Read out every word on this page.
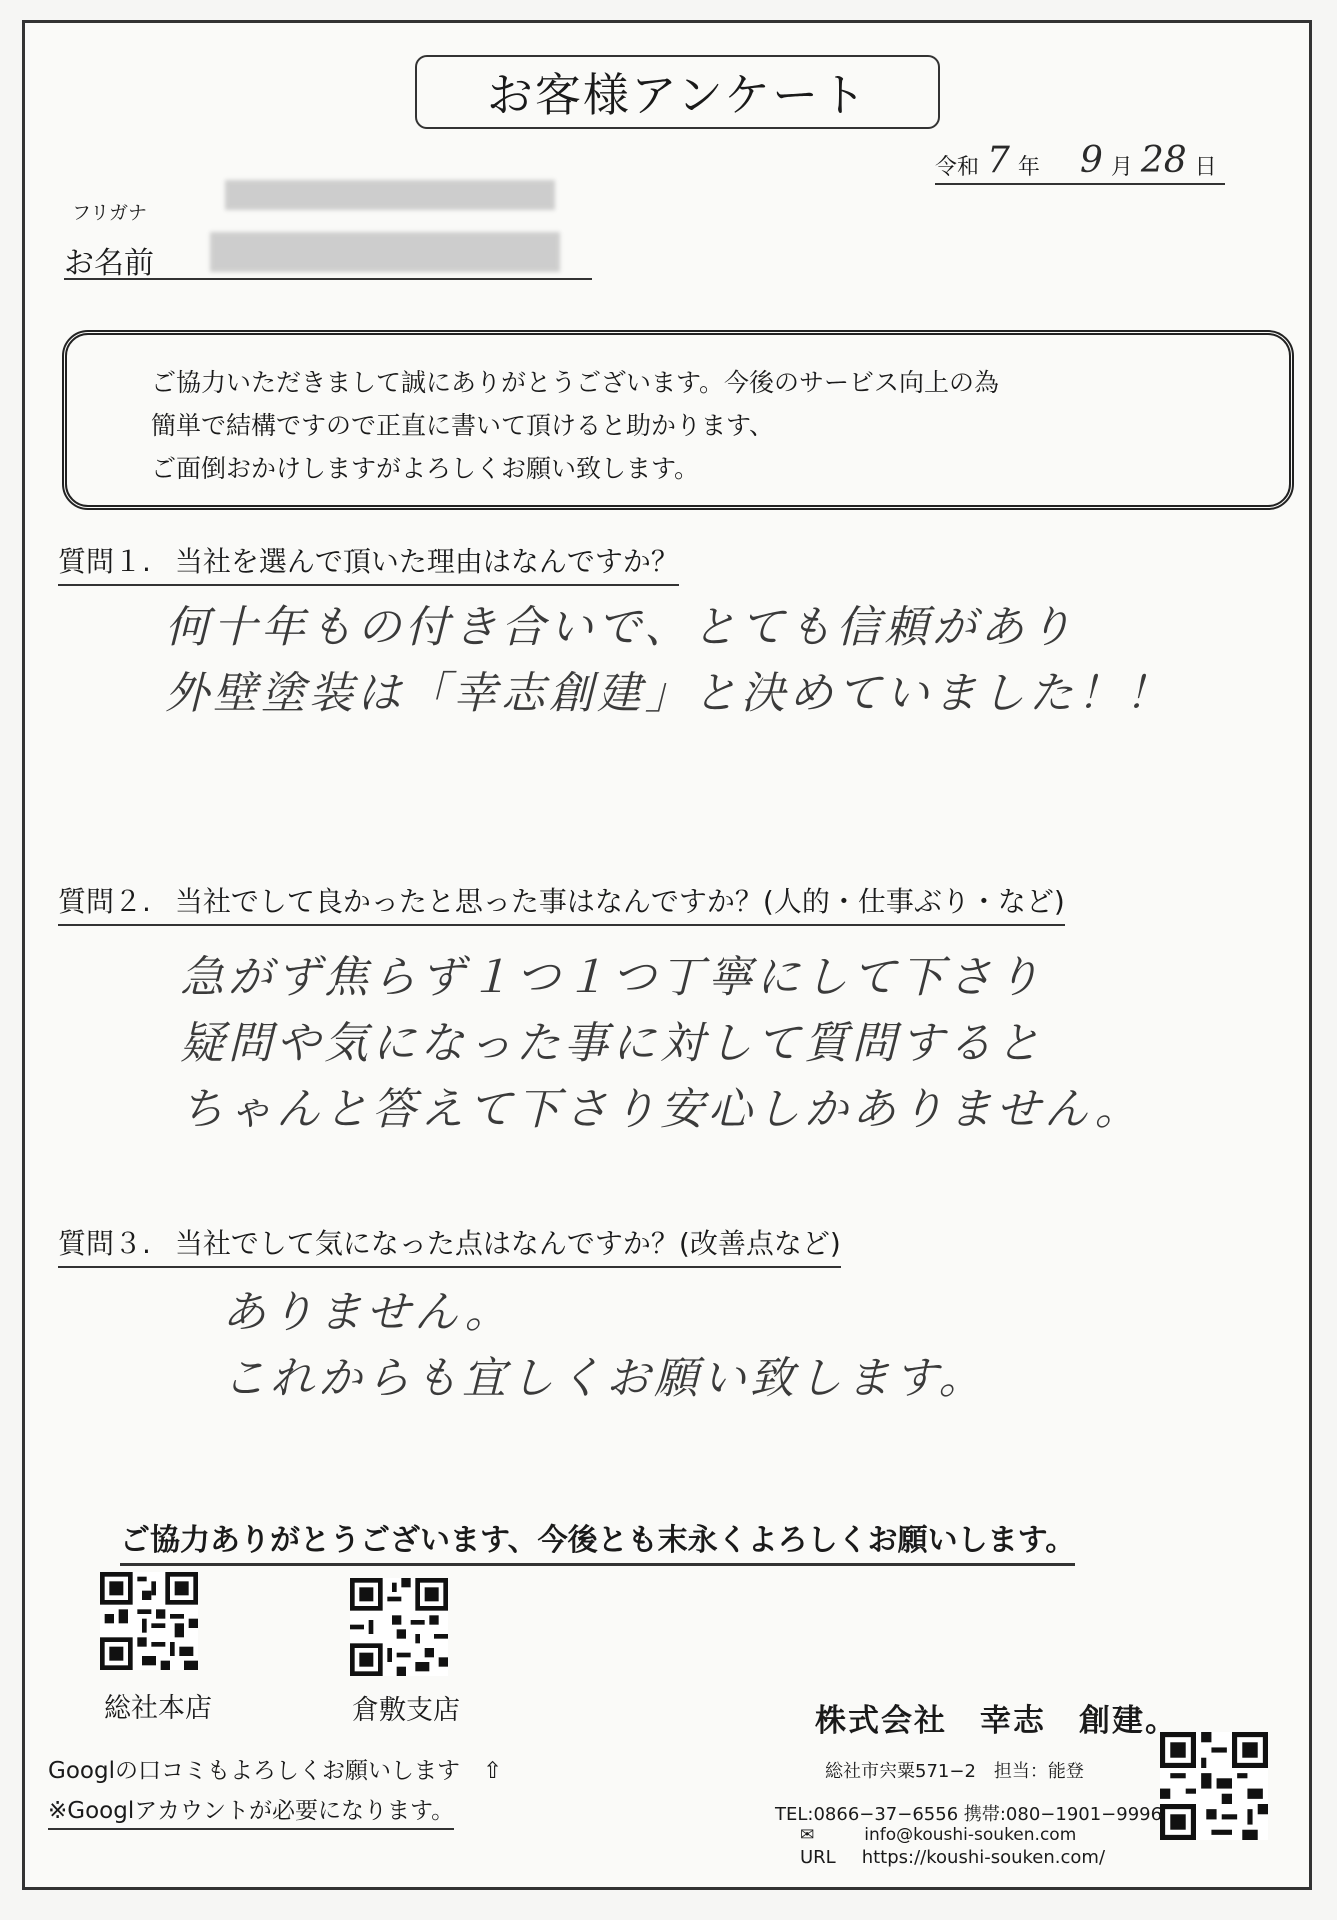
お客様アンケート
令和 7 年 9 月 28 日
フリガナ
お名前
ご協力いただきまして誠にありがとうございます。今後のサービス向上の為
簡単で結構ですので正直に書いて頂けると助かります、
ご面倒おかけしますがよろしくお願い致します。
質問１. 当社を選んで頂いた理由はなんですか？
何十年もの付き合いで、とても信頼があり
外壁塗装は「幸志創建」と決めていました！！
質問２. 当社でして良かったと思った事はなんですか？(人的・仕事ぶり・など)
急がず焦らず１つ１つ丁寧にして下さり
疑問や気になった事に対して質問すると
ちゃんと答えて下さり安心しかありません。
質問３. 当社でして気になった点はなんですか？(改善点など)
ありません。
これからも宜しくお願い致します。
ご協力ありがとうございます、今後とも末永くよろしくお願いします。
総社本店	倉敷支店
Googlの口コミもよろしくお願いします　⇧
※Googlアカウントが必要になります。
株式会社　幸志　創建。
総社市宍粟571−2　担当：能登
TEL:0866−37−6556 携帯:080−1901−9996
✉	info@koushi-souken.com
URL https://koushi-souken.com/
